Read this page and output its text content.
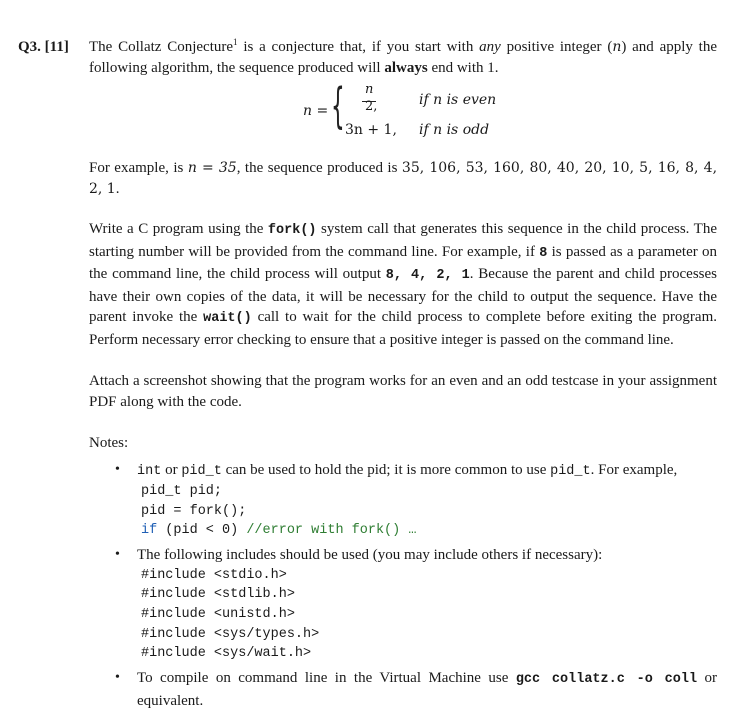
Q3. [11] The Collatz Conjecture$^1$ is a conjecture that, if you start with any positive integer (n) and apply the following algorithm, the sequence produced will always end with 1.

n = { n
2,
3n + 1,
if n is even
if n is odd

For example, is n = 35, the sequence produced is 35, 106, 53, 160, 80, 40, 20, 10, 5, 16, 8, 4, 2, 1.

Write a C program using the fork() system call that generates this sequence in the child process. The starting number will be provided from the command line. For example, if 8 is passed as a parameter on the command line, the child process will output 8, 4, 2, 1. Because the parent and child processes have their own copies of the data, it will be necessary for the child to output the sequence. Have the parent invoke the wait() call to wait for the child process to complete before exiting the program. Perform necessary error checking to ensure that a positive integer is passed on the command line.

Attach a screenshot showing that the program works for an even and an odd testcase in your assignment PDF along with the code.

Notes:

• int or pid_t can be used to hold the pid; it is more common to use pid_t. For example,
pid_t pid;
pid = fork();
if (pid < 0) //error with fork() …
• The following includes should be used (you may include others if necessary):
#include <stdio.h>
#include <stdlib.h>
#include <unistd.h>
#include <sys/types.h>
#include <sys/wait.h>
• To compile on command line in the Virtual Machine use gcc collatz.c -o coll or equivalent.
